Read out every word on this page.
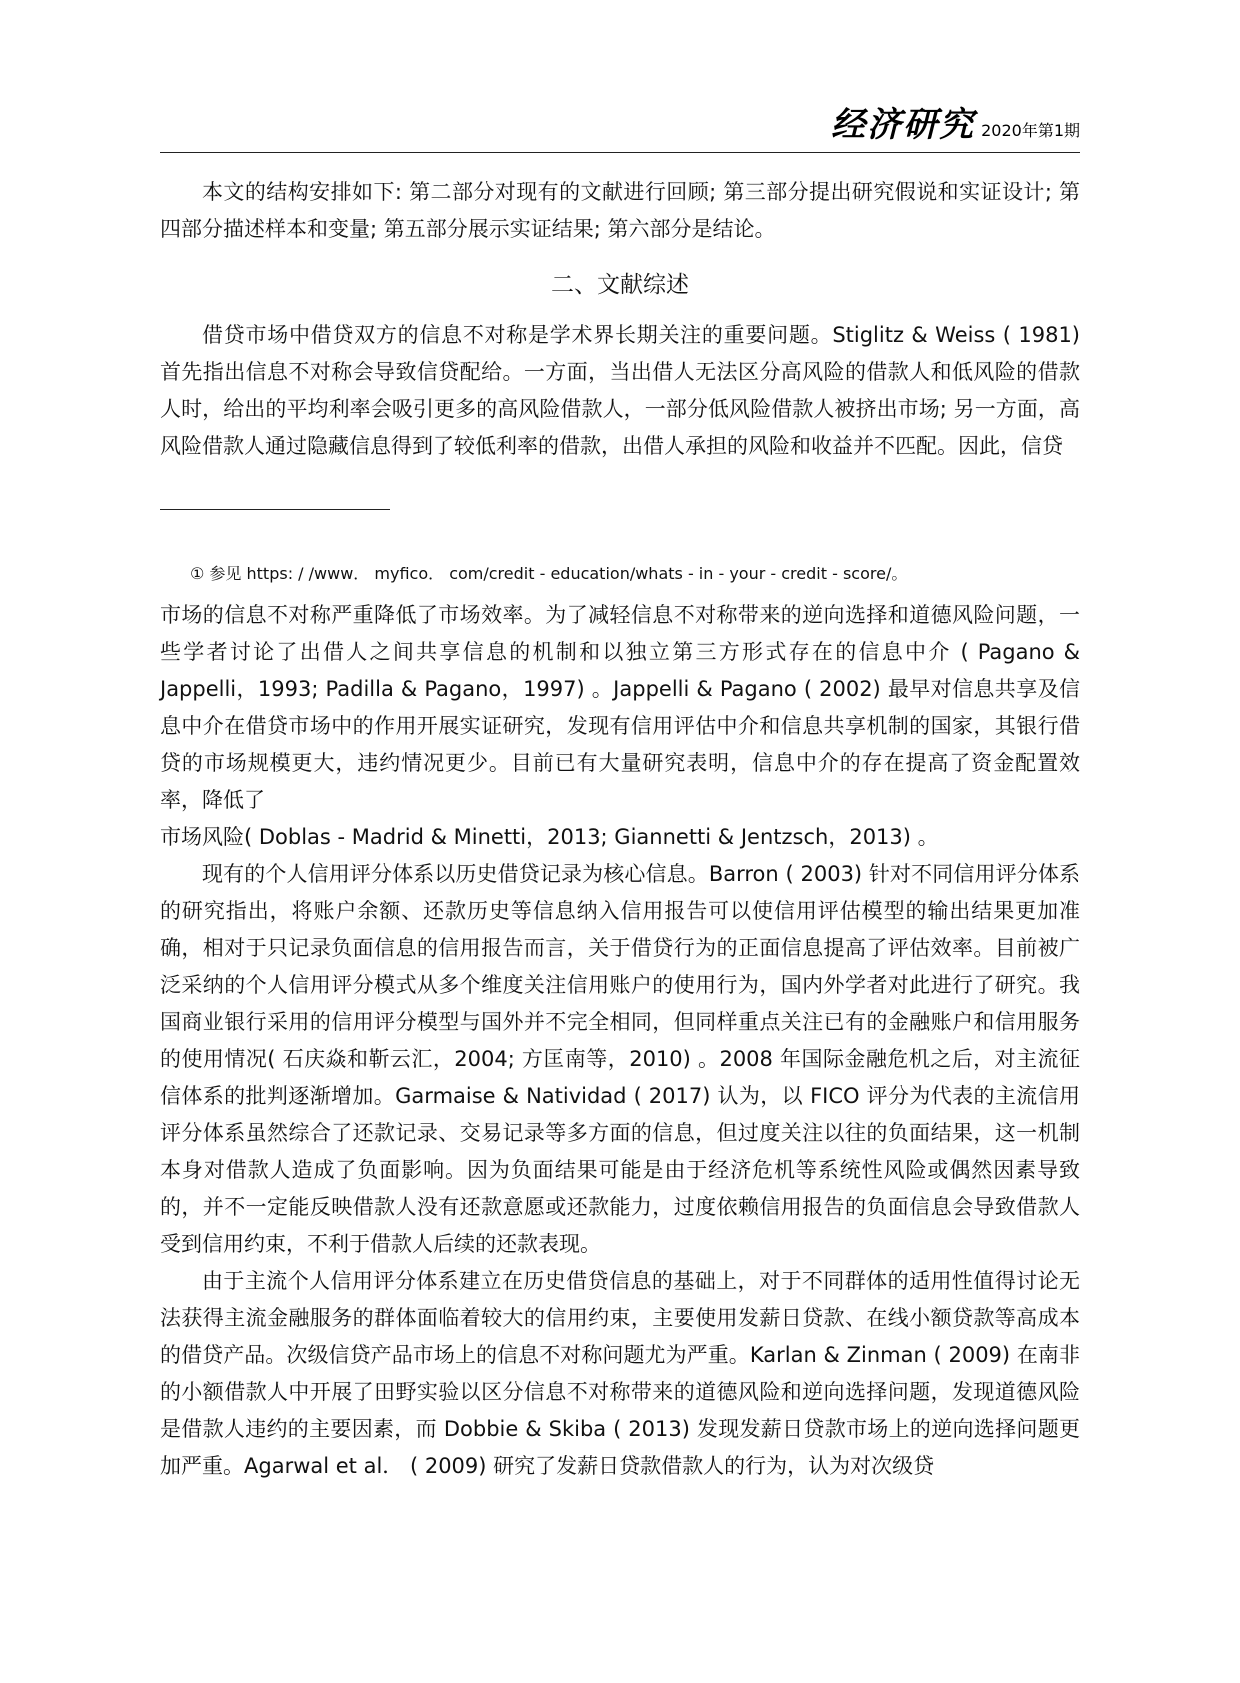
经济研究 2020年第1期

本文的结构安排如下: 第二部分对现有的文献进行回顾; 第三部分提出研究假说和实证设计; 第四部分描述样本和变量; 第五部分展示实证结果; 第六部分是结论。

二、文献综述

借贷市场中借贷双方的信息不对称是学术界长期关注的重要问题。Stiglitz & Weiss ( 1981) 首先指出信息不对称会导致信贷配给。一方面，当出借人无法区分高风险的借款人和低风险的借款人时，给出的平均利率会吸引更多的高风险借款人，一部分低风险借款人被挤出市场; 另一方面，高风险借款人通过隐藏信息得到了较低利率的借款，出借人承担的风险和收益并不匹配。因此，信贷

① 参见 https: / /www． myfico． com/credit - education/whats - in - your - credit - score/。

市场的信息不对称严重降低了市场效率。为了减轻信息不对称带来的逆向选择和道德风险问题，一些学者讨论了出借人之间共享信息的机制和以独立第三方形式存在的信息中介 ( Pagano & Jappelli，1993; Padilla & Pagano，1997) 。Jappelli & Pagano ( 2002) 最早对信息共享及信息中介在借贷市场中的作用开展实证研究，发现有信用评估中介和信息共享机制的国家，其银行借贷的市场规模更大，违约情况更少。目前已有大量研究表明，信息中介的存在提高了资金配置效率，降低了

市场风险( Doblas - Madrid & Minetti，2013; Giannetti & Jentzsch，2013) 。

现有的个人信用评分体系以历史借贷记录为核心信息。Barron ( 2003) 针对不同信用评分体系的研究指出，将账户余额、还款历史等信息纳入信用报告可以使信用评估模型的输出结果更加准确，相对于只记录负面信息的信用报告而言，关于借贷行为的正面信息提高了评估效率。目前被广泛采纳的个人信用评分模式从多个维度关注信用账户的使用行为，国内外学者对此进行了研究。我国商业银行采用的信用评分模型与国外并不完全相同，但同样重点关注已有的金融账户和信用服务的使用情况( 石庆焱和靳云汇，2004; 方匡南等，2010) 。2008 年国际金融危机之后，对主流征信体系的批判逐渐增加。Garmaise & Natividad ( 2017) 认为，以 FICO 评分为代表的主流信用评分体系虽然综合了还款记录、交易记录等多方面的信息，但过度关注以往的负面结果，这一机制本身对借款人造成了负面影响。因为负面结果可能是由于经济危机等系统性风险或偶然因素导致的，并不一定能反映借款人没有还款意愿或还款能力，过度依赖信用报告的负面信息会导致借款人受到信用约束，不利于借款人后续的还款表现。

由于主流个人信用评分体系建立在历史借贷信息的基础上，对于不同群体的适用性值得讨论无法获得主流金融服务的群体面临着较大的信用约束，主要使用发薪日贷款、在线小额贷款等高成本的借贷产品。次级信贷产品市场上的信息不对称问题尤为严重。Karlan & Zinman ( 2009) 在南非的小额借款人中开展了田野实验以区分信息不对称带来的道德风险和逆向选择问题，发现道德风险是借款人违约的主要因素，而 Dobbie & Skiba ( 2013) 发现发薪日贷款市场上的逆向选择问题更加严重。Agarwal et al． ( 2009) 研究了发薪日贷款借款人的行为，认为对次级贷
